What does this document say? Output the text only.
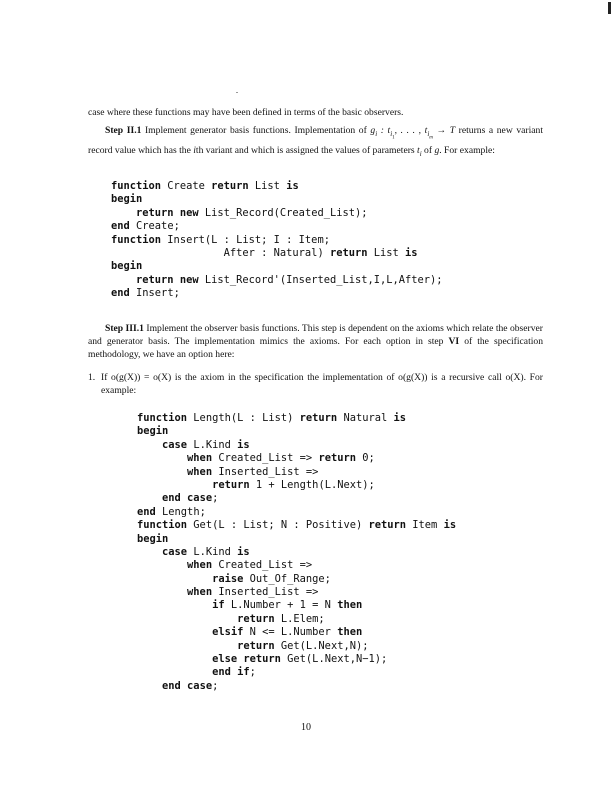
case where these functions may have been defined in terms of the basic observers.

Step II.1 Implement generator basis functions. Implementation of $g_i$ : $t_{i_1}$, . . . , $t_{i_m} \to T$ returns a new variant record value which has the ith variant and which is assigned the values of parameters $t_i$ of g. For example:

function Create return List is
begin
return new List_Record(Created_List);
end Create;
function Insert(L : List; I : Item;
After : Natural) return List is
begin
return new List_Record'(Inserted_List,I,L,After);
end Insert;

Step III.1 Implement the observer basis functions. This step is dependent on the axioms which relate the observer and generator basis. The implementation mimics the axioms. For each option in step VI of the specification methodology, we have an option here:

1. If o(g(X)) = o(X) is the axiom in the specification the implementation of o(g(X)) is a recursive call o(X). For example:
function Length(L : List) return Natural is
begin
case L.Kind is
when Created_List => return 0;
when Inserted_List =>
return 1 + Length(L.Next);
end case;
end Length;
function Get(L : List; N : Positive) return Item is
begin
case L.Kind is
when Created_List =>
raise Out_Of_Range;
when Inserted_List =>
if L.Number + 1 = N then
return L.Elem;
elsif N <= L.Number then
return Get(L.Next,N);
else return Get(L.Next,N−1);
end if;
end case;
10
